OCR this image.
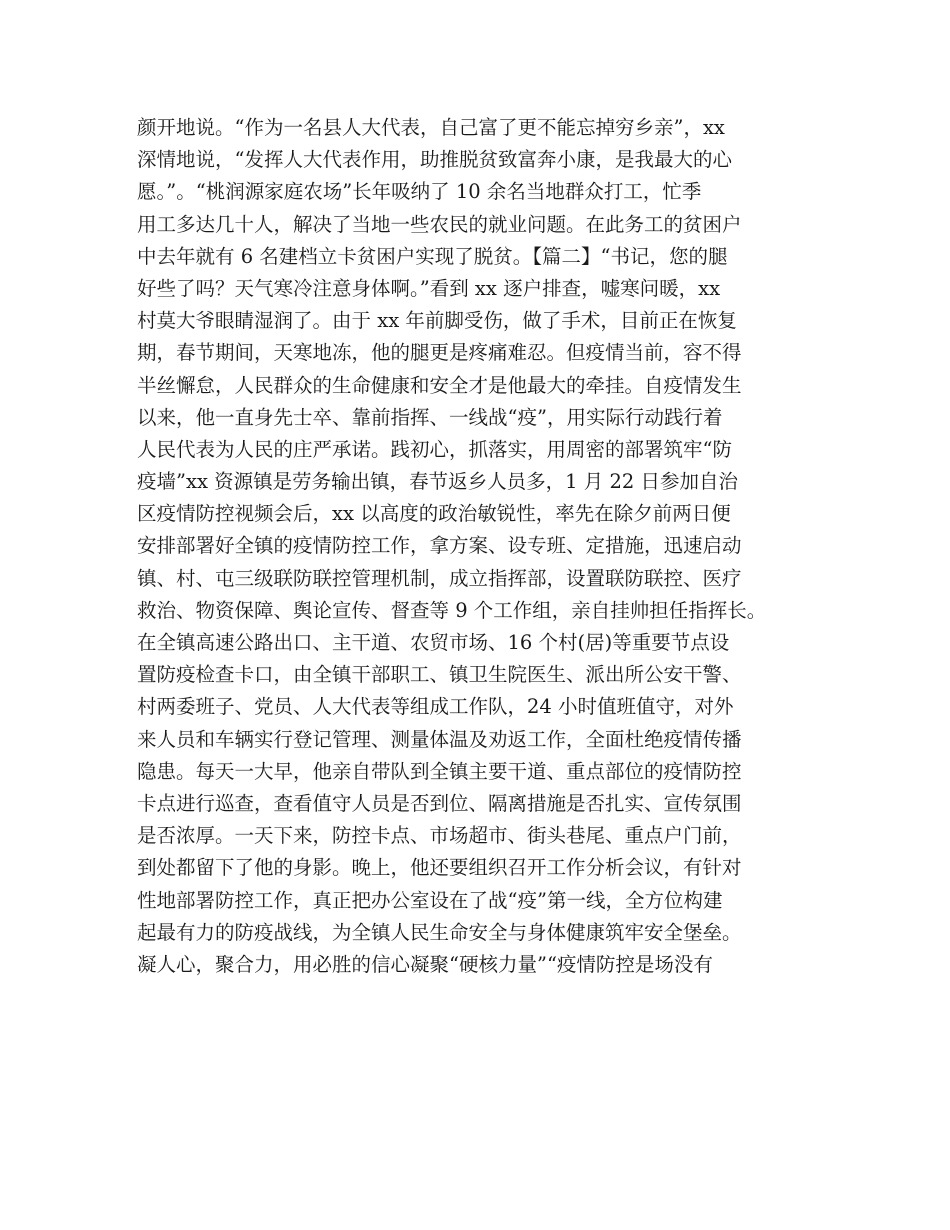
颜开地说。“作为一名县人大代表，自己富了更不能忘掉穷乡亲”，xx
深情地说，“发挥人大代表作用，助推脱贫致富奔小康，是我最大的心
愿。”。“桃润源家庭农场”长年吸纳了 10 余名当地群众打工，忙季
用工多达几十人，解决了当地一些农民的就业问题。在此务工的贫困户
中去年就有 6 名建档立卡贫困户实现了脱贫。【篇二】“书记，您的腿
好些了吗？天气寒冷注意身体啊。”看到 xx 逐户排查，嘘寒问暖，xx
村莫大爷眼睛湿润了。由于 xx 年前脚受伤，做了手术，目前正在恢复
期，春节期间，天寒地冻，他的腿更是疼痛难忍。但疫情当前，容不得
半丝懈怠，人民群众的生命健康和安全才是他最大的牵挂。自疫情发生
以来，他一直身先士卒、靠前指挥、一线战“疫”，用实际行动践行着
人民代表为人民的庄严承诺。践初心，抓落实，用周密的部署筑牢“防
疫墙”xx 资源镇是劳务输出镇，春节返乡人员多，1 月 22 日参加自治
区疫情防控视频会后，xx 以高度的政治敏锐性，率先在除夕前两日便
安排部署好全镇的疫情防控工作，拿方案、设专班、定措施，迅速启动
镇、村、屯三级联防联控管理机制，成立指挥部，设置联防联控、医疗
救治、物资保障、舆论宣传、督查等 9 个工作组，亲自挂帅担任指挥长。
在全镇高速公路出口、主干道、农贸市场、16 个村(居)等重要节点设
置防疫检查卡口，由全镇干部职工、镇卫生院医生、派出所公安干警、
村两委班子、党员、人大代表等组成工作队，24 小时值班值守，对外
来人员和车辆实行登记管理、测量体温及劝返工作，全面杜绝疫情传播
隐患。每天一大早，他亲自带队到全镇主要干道、重点部位的疫情防控
卡点进行巡查，查看值守人员是否到位、隔离措施是否扎实、宣传氛围
是否浓厚。一天下来，防控卡点、市场超市、街头巷尾、重点户门前，
到处都留下了他的身影。晚上，他还要组织召开工作分析会议，有针对
性地部署防控工作，真正把办公室设在了战“疫”第一线，全方位构建
起最有力的防疫战线，为全镇人民生命安全与身体健康筑牢安全堡垒。
凝人心，聚合力，用必胜的信心凝聚“硬核力量”“疫情防控是场没有
